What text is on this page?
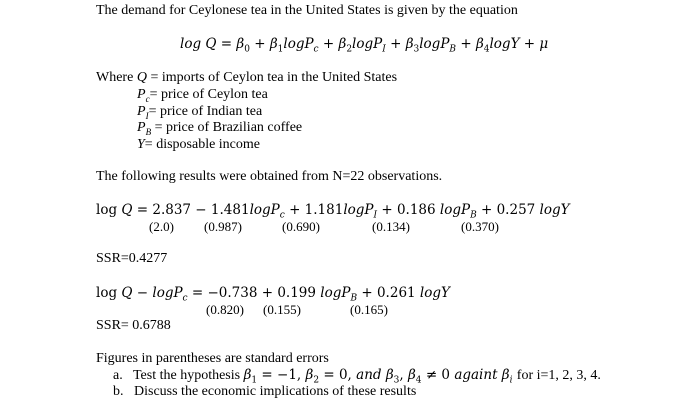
The demand for Ceylonese tea in the United States is given by the equation
$\log Q = \beta_0 + \beta_1\log P_c + \beta_2\log P_I + \beta_3\log P_B + \beta_4\log Y + \mu$
Where Q = imports of Ceylon tea in the United States
$P_c=$ price of Ceylon tea
$P_I=$ price of Indian tea
$P_B$ = price of Brazilian coffee
Y= disposable income
The following results were obtained from N=22 observations.
log Q = 2.837 − 1.481logP$_c$ + 1.181logP$_I$ + 0.186 logP$_B$ + 0.257 logY
(2.0) (0.987)	(0.690)	(0.134)	(0.370)
SSR=0.4277
log Q − logP$_c$ = −0.738 + 0.199 logP$_B$ + 0.261 logY
(0.820) (0.155)	(0.165)
SSR= 0.6788
Figures in parentheses are standard errors
a. Test the hypothesis $\beta_1 = -1$, $\beta_2 = 0$, and $\beta_3$, $\beta_4 \ne 0$ againt $\beta_i$ for i=1, 2, 3, 4.
b. Discuss the economic implications of these results
